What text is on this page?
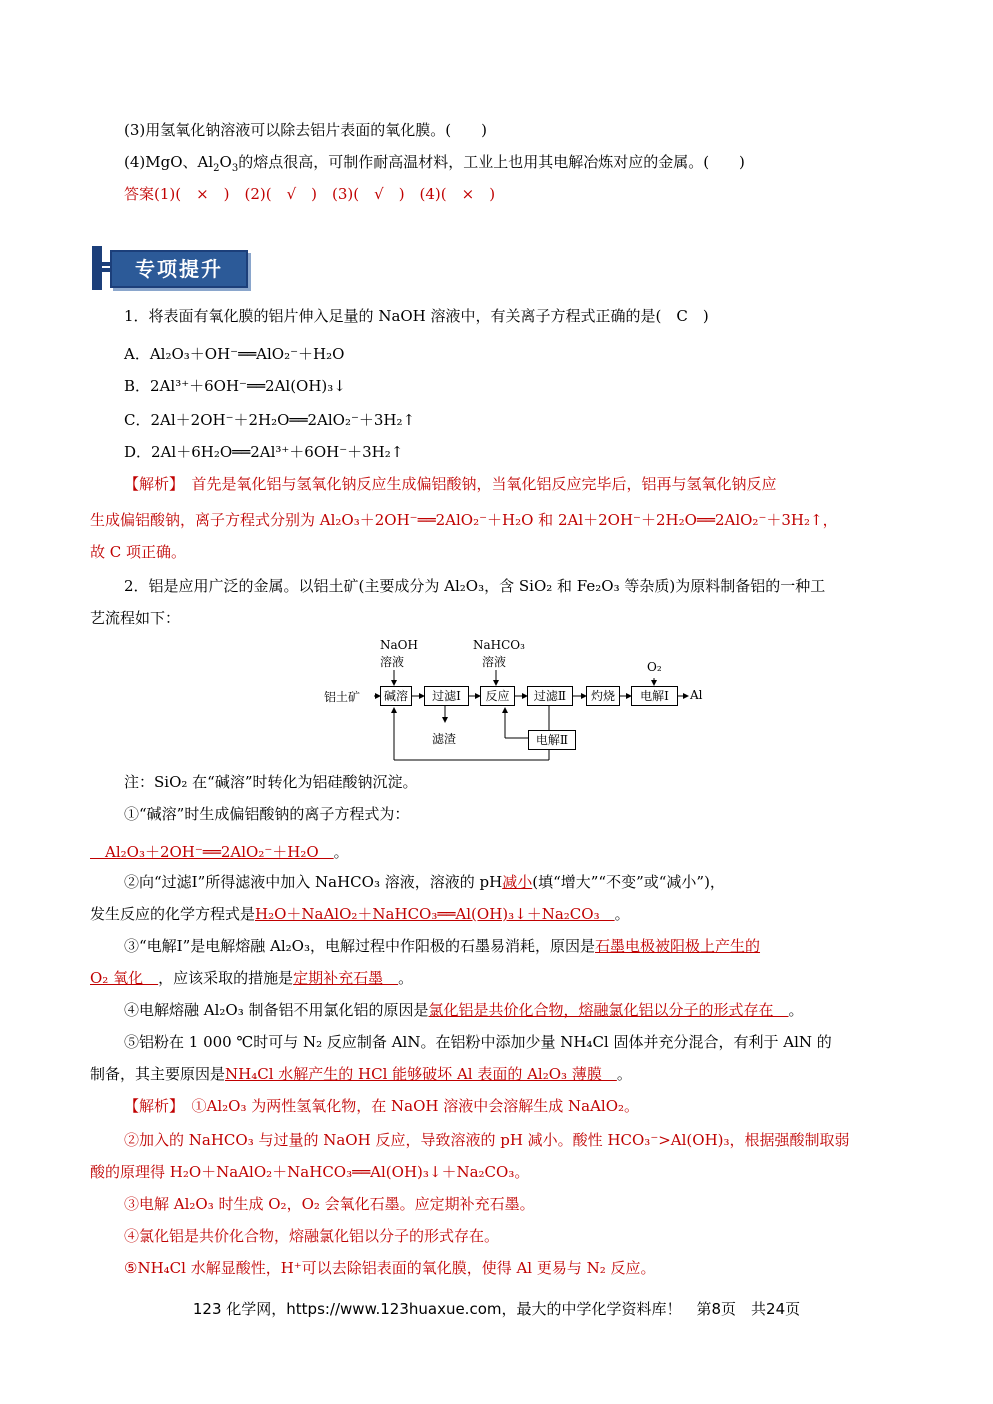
(3)用氢氧化钠溶液可以除去铝片表面的氧化膜。(　　)
(4)MgO、$Al_2O_3$的熔点很高，可制作耐高温材料，工业上也用其电解冶炼对应的金属。(　　)
答案(1)(　×　)　(2)(　√　)　(3)(　√　)　(4)(　×　)
专项提升
1．将表面有氧化膜的铝片伸入足量的 NaOH 溶液中，有关离子方程式正确的是(　C　)
A．Al₂O₃＋OH⁻══AlO₂⁻＋H₂O
B．2Al³⁺＋6OH⁻══2Al(OH)₃↓
C．2Al＋2OH⁻＋2H₂O══2AlO₂⁻＋3H₂↑
D．2Al＋6H₂O══2Al³⁺＋6OH⁻＋3H₂↑
【解析】　 首先是氧化铝与氢氧化钠反应生成偏铝酸钠，当氧化铝反应完毕后，铝再与氢氧化钠反应
生成偏铝酸钠，离子方程式分别为 Al₂O₃＋2OH⁻══2AlO₂⁻＋H₂O 和 2Al＋2OH⁻＋2H₂O══2AlO₂⁻＋3H₂↑，
故 C 项正确。
2．铝是应用广泛的金属。以铝土矿(主要成分为 Al₂O₃，含 SiO₂ 和 Fe₂O₃ 等杂质)为原料制备铝的一种工
艺流程如下：
NaOH
溶液
NaHCO₃
溶液	O₂
铝土矿	碱溶	过滤Ⅰ	反应	过滤Ⅱ	灼烧	电解Ⅰ	Al
滤渣	电解Ⅱ
注：SiO₂ 在“碱溶”时转化为铝硅酸钠沉淀。
①“碱溶”时生成偏铝酸钠的离子方程式为：
　Al₂O₃＋2OH⁻══2AlO₂⁻＋H₂O　。
②向“过滤Ⅰ”所得滤液中加入 NaHCO₃ 溶液，溶液的 pH减小(填“增大”“不变”或“减小”)，
发生反应的化学方程式是H₂O＋NaAlO₂＋NaHCO₃══Al(OH)₃↓＋Na₂CO₃　。
③“电解Ⅰ”是电解熔融 Al₂O₃，电解过程中作阳极的石墨易消耗，原因是石墨电极被阳极上产生的
O₂ 氧化　，应该采取的措施是定期补充石墨　。
④电解熔融 Al₂O₃ 制备铝不用氯化铝的原因是氯化铝是共价化合物，熔融氯化铝以分子的形式存在　。
⑤铝粉在 1 000 ℃时可与 N₂ 反应制备 AlN。在铝粉中添加少量 NH₄Cl 固体并充分混合，有利于 AlN 的
制备，其主要原因是NH₄Cl 水解产生的 HCl 能够破坏 Al 表面的 Al₂O₃ 薄膜　。
【解析】　 ①Al₂O₃ 为两性氢氧化物，在 NaOH 溶液中会溶解生成 NaAlO₂。
②加入的 NaHCO₃ 与过量的 NaOH 反应，导致溶液的 pH 减小。酸性 HCO₃⁻>Al(OH)₃，根据强酸制取弱
酸的原理得 H₂O＋NaAlO₂＋NaHCO₃══Al(OH)₃↓＋Na₂CO₃。
③电解 Al₂O₃ 时生成 O₂，O₂ 会氧化石墨。应定期补充石墨。
④氯化铝是共价化合物，熔融氯化铝以分子的形式存在。
⑤NH₄Cl 水解显酸性，H⁺可以去除铝表面的氧化膜，使得 Al 更易与 N₂ 反应。
123 化学网，https://www.123huaxue.com，最大的中学化学资料库！　第8页　共24页
